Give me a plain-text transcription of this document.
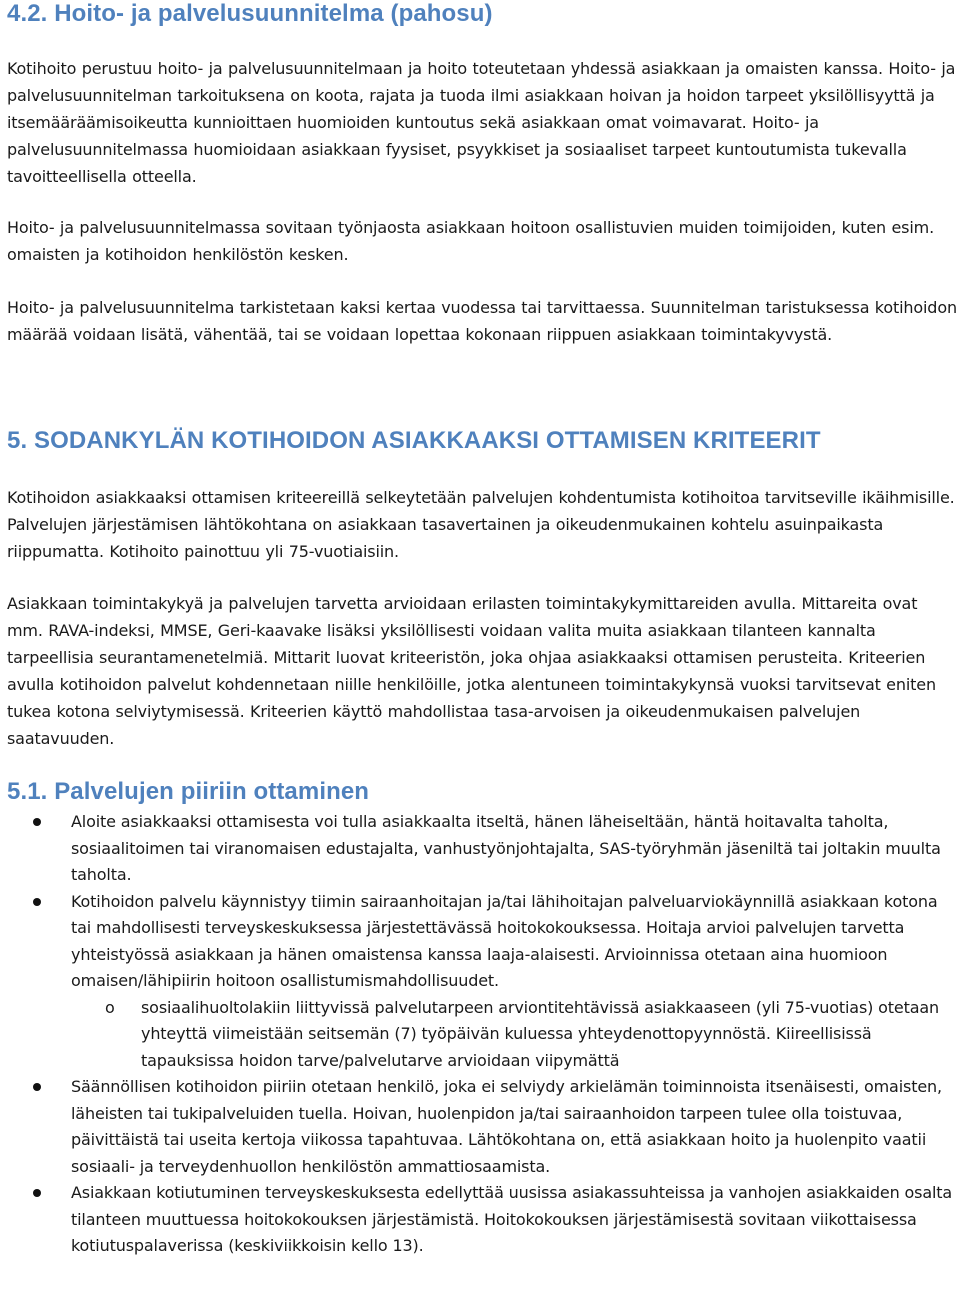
4.2. Hoito- ja palvelusuunnitelma (pahosu)

Kotihoito perustuu hoito- ja palvelusuunnitelmaan ja hoito toteutetaan yhdessä asiakkaan ja omaisten kanssa. Hoito- ja palvelusuunnitelman tarkoituksena on koota, rajata ja tuoda ilmi asiakkaan hoivan ja hoidon tarpeet yksilöllisyyttä ja itsemääräämisoikeutta kunnioittaen huomioiden kuntoutus sekä asiakkaan omat voimavarat. Hoito- ja palvelusuunnitelmassa huomioidaan asiakkaan fyysiset, psyykkiset ja sosiaaliset tarpeet kuntoutumista tukevalla tavoitteellisella otteella.

Hoito- ja palvelusuunnitelmassa sovitaan työnjaosta asiakkaan hoitoon osallistuvien muiden toimijoiden, kuten esim. omaisten ja kotihoidon henkilöstön kesken.

Hoito- ja palvelusuunnitelma tarkistetaan kaksi kertaa vuodessa tai tarvittaessa. Suunnitelman taristuksessa kotihoidon määrää voidaan lisätä, vähentää, tai se voidaan lopettaa kokonaan riippuen asiakkaan toimintakyvystä.

5. SODANKYLÄN KOTIHOIDON ASIAKKAAKSI OTTAMISEN KRITEERIT

Kotihoidon asiakkaaksi ottamisen kriteereillä selkeytetään palvelujen kohdentumista kotihoitoa tarvitseville ikäihmisille. Palvelujen järjestämisen lähtökohtana on asiakkaan tasavertainen ja oikeudenmukainen kohtelu asuinpaikasta riippumatta. Kotihoito painottuu yli 75-vuotiaisiin.

Asiakkaan toimintakykyä ja palvelujen tarvetta arvioidaan erilasten toimintakykymittareiden avulla. Mittareita ovat mm. RAVA-indeksi, MMSE, Geri-kaavake lisäksi yksilöllisesti voidaan valita muita asiakkaan tilanteen kannalta tarpeellisia seurantamenetelmiä. Mittarit luovat kriteeristön, joka ohjaa asiakkaaksi ottamisen perusteita. Kriteerien avulla kotihoidon palvelut kohdennetaan niille henkilöille, jotka alentuneen toimintakykynsä vuoksi tarvitsevat eniten tukea kotona selviytymisessä. Kriteerien käyttö mahdollistaa tasa-arvoisen ja oikeudenmukaisen palvelujen saatavuuden.

5.1. Palvelujen piiriin ottaminen
Aloite asiakkaaksi ottamisesta voi tulla asiakkaalta itseltä, hänen läheiseltään, häntä hoitavalta taholta, sosiaalitoimen tai viranomaisen edustajalta, vanhustyönjohtajalta, SAS-työryhmän jäseniltä tai joltakin muulta taholta.
Kotihoidon palvelu käynnistyy tiimin sairaanhoitajan ja/tai lähihoitajan palveluarviokäynnillä asiakkaan kotona tai mahdollisesti terveyskeskuksessa järjestettävässä hoitokokouksessa. Hoitaja arvioi palvelujen tarvetta yhteistyössä asiakkaan ja hänen omaistensa kanssa laaja-alaisesti. Arvioinnissa otetaan aina huomioon omaisen/lähipiirin hoitoon osallistumismahdollisuudet.
o sosiaalihuoltolakiin liittyvissä palvelutarpeen arviontitehtävissä asiakkaaseen (yli 75-vuotias) otetaan yhteyttä viimeistään seitsemän (7) työpäivän kuluessa yhteydenottopyynnöstä. Kiireellisissä tapauksissa hoidon tarve/palvelutarve arvioidaan viipymättä
Säännöllisen kotihoidon piiriin otetaan henkilö, joka ei selviydy arkielämän toiminnoista itsenäisesti, omaisten, läheisten tai tukipalveluiden tuella. Hoivan, huolenpidon ja/tai sairaanhoidon tarpeen tulee olla toistuvaa, päivittäistä tai useita kertoja viikossa tapahtuvaa. Lähtökohtana on, että asiakkaan hoito ja huolenpito vaatii sosiaali- ja terveydenhuollon henkilöstön ammattiosaamista.
Asiakkaan kotiutuminen terveyskeskuksesta edellyttää uusissa asiakassuhteissa ja vanhojen asiakkaiden osalta tilanteen muuttuessa hoitokokouksen järjestämistä. Hoitokokouksen järjestämisestä sovitaan viikottaisessa kotiutuspalaverissa (keskiviikkoisin kello 13).
